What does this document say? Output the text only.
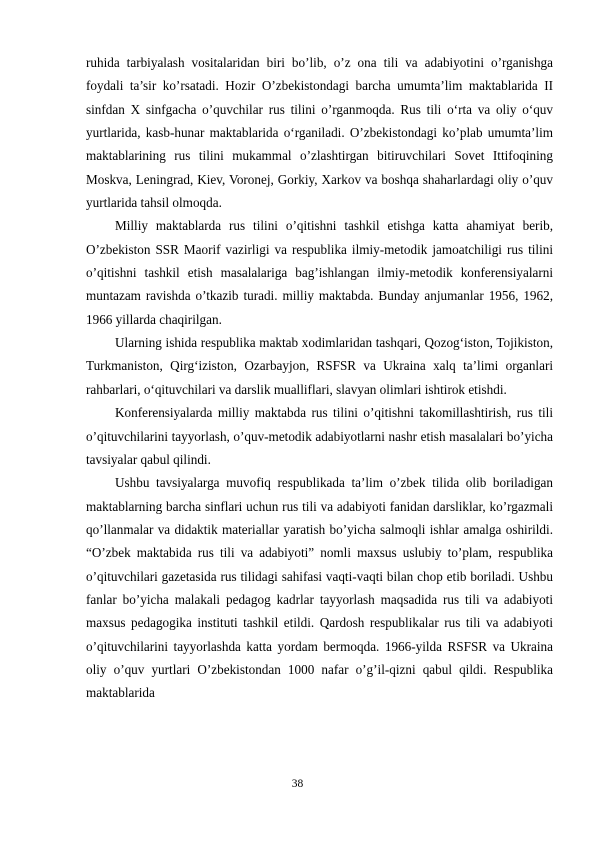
ruhida tarbiyalash vositalaridan biri bo’lib, o’z ona tili va adabiyotini o’rganishga foydali ta’sir ko’rsatadi. Hozir O’zbekistondagi barcha umumta’lim maktablarida II sinfdan X sinfgacha o’quvchilar rus tilini o’rganmoqda. Rus tili o‘rta va oliy o‘quv yurtlarida, kasb-hunar maktablarida o‘rganiladi. O’zbekistondagi ko’plab umumta’lim maktablarining rus tilini mukammal o’zlashtirgan bitiruvchilari Sovet Ittifoqining Moskva, Leningrad, Kiev, Voronej, Gorkiy, Xarkov va boshqa shaharlardagi oliy o’quv yurtlarida tahsil olmoqda.

Milliy maktablarda rus tilini o’qitishni tashkil etishga katta ahamiyat berib, O’zbekiston SSR Maorif vazirligi va respublika ilmiy-metodik jamoatchiligi rus tilini o’qitishni tashkil etish masalalariga bag’ishlangan ilmiy-metodik konferensiyalarni muntazam ravishda o’tkazib turadi. milliy maktabda. Bunday anjumanlar 1956, 1962, 1966 yillarda chaqirilgan.

Ularning ishida respublika maktab xodimlaridan tashqari, Qozog‘iston, Tojikiston, Turkmaniston, Qirg‘iziston, Ozarbayjon, RSFSR va Ukraina xalq ta’limi organlari rahbarlari, o‘qituvchilari va darslik mualliflari, slavyan olimlari ishtirok etishdi.

Konferensiyalarda milliy maktabda rus tilini o’qitishni takomillashtirish, rus tili o’qituvchilarini tayyorlash, o’quv-metodik adabiyotlarni nashr etish masalalari bo’yicha tavsiyalar qabul qilindi.

Ushbu tavsiyalarga muvofiq respublikada ta’lim o’zbek tilida olib boriladigan maktablarning barcha sinflari uchun rus tili va adabiyoti fanidan darsliklar, ko’rgazmali qo’llanmalar va didaktik materiallar yaratish bo’yicha salmoqli ishlar amalga oshirildi. “O’zbek maktabida rus tili va adabiyoti” nomli maxsus uslubiy to’plam, respublika o’qituvchilari gazetasida rus tilidagi sahifasi vaqti-vaqti bilan chop etib boriladi. Ushbu fanlar bo’yicha malakali pedagog kadrlar tayyorlash maqsadida rus tili va adabiyoti maxsus pedagogika instituti tashkil etildi. Qardosh respublikalar rus tili va adabiyoti o’qituvchilarini tayyorlashda katta yordam bermoqda. 1966-yilda RSFSR va Ukraina oliy o’quv yurtlari O’zbekistondan 1000 nafar o’g’il-qizni qabul qildi. Respublika maktablarida

38
